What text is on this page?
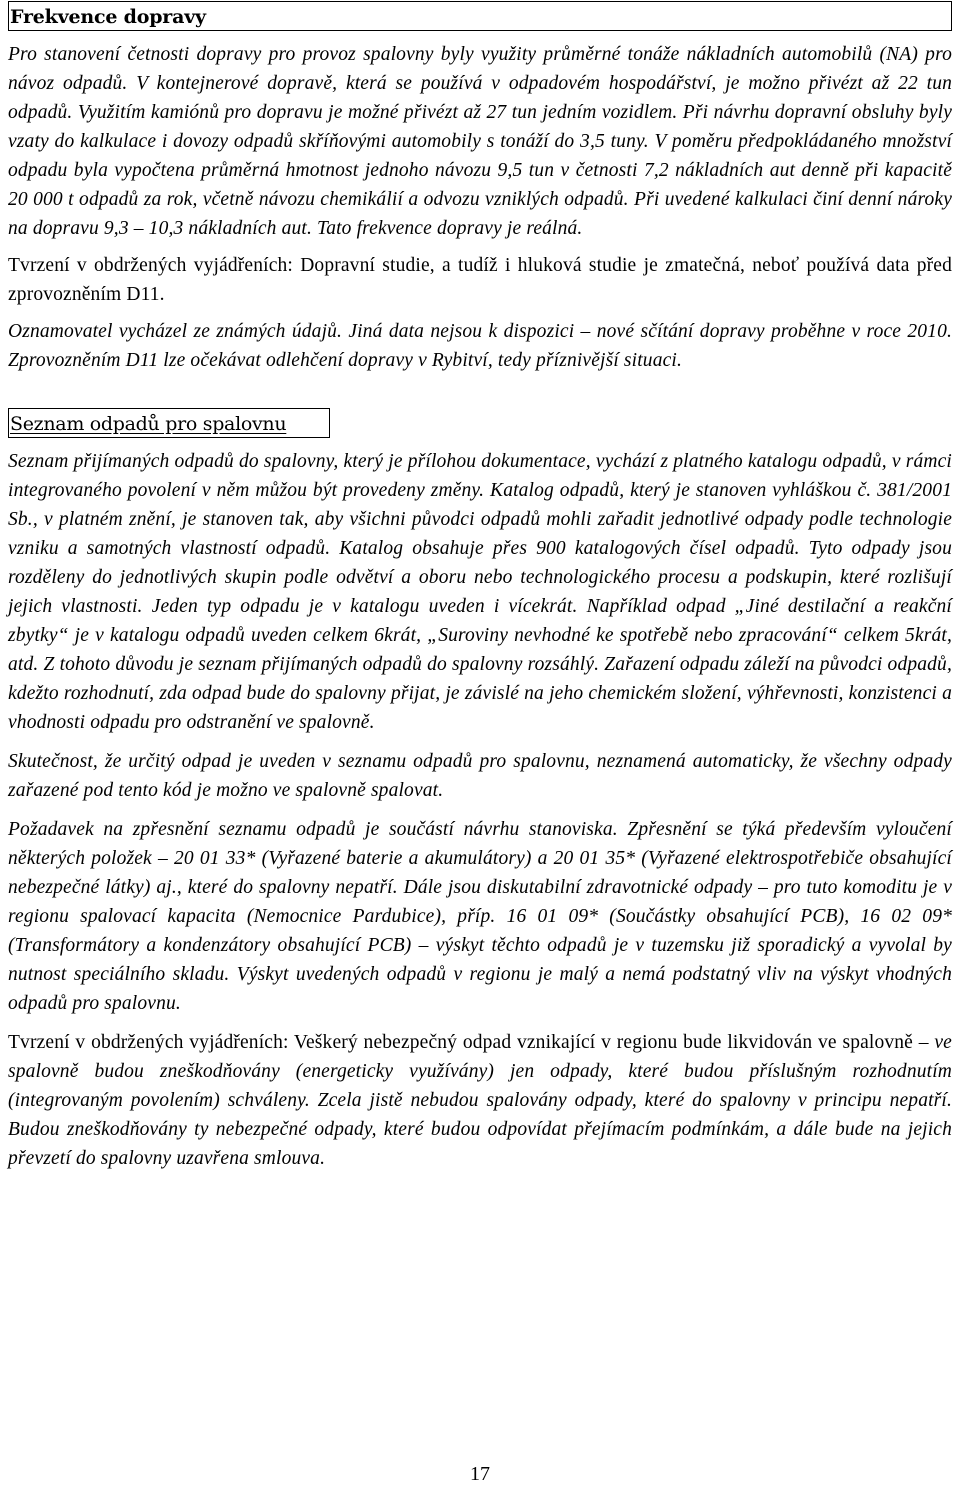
Frekvence dopravy

Pro stanovení četnosti dopravy pro provoz spalovny byly využity průměrné tonáže nákladních automobilů (NA) pro návoz odpadů. V kontejnerové dopravě, která se používá v odpadovém hospodářství, je možno přivézt až 22 tun odpadů. Využitím kamiónů pro dopravu je možné přivézt až 27 tun jedním vozidlem. Při návrhu dopravní obsluhy byly vzaty do kalkulace i dovozy odpadů skříňovými automobily s tonáží do 3,5 tuny. V poměru předpokládaného množství odpadu byla vypočtena průměrná hmotnost jednoho návozu 9,5 tun v četnosti 7,2 nákladních aut denně při kapacitě 20 000 t odpadů za rok, včetně návozu chemikálií a odvozu vzniklých odpadů. Při uvedené kalkulaci činí denní nároky na dopravu 9,3 – 10,3 nákladních aut. Tato frekvence dopravy je reálná.

Tvrzení v obdržených vyjádřeních: Dopravní studie, a tudíž i hluková studie je zmatečná, neboť používá data před zprovozněním D11.

Oznamovatel vycházel ze známých údajů. Jiná data nejsou k dispozici – nové sčítání dopravy proběhne v roce 2010. Zprovozněním D11 lze očekávat odlehčení dopravy v Rybitví, tedy příznivější situaci.

Seznam odpadů pro spalovnu

Seznam přijímaných odpadů do spalovny, který je přílohou dokumentace, vychází z platného katalogu odpadů, v rámci integrovaného povolení v něm můžou být provedeny změny. Katalog odpadů, který je stanoven vyhláškou č. 381/2001 Sb., v platném znění, je stanoven tak, aby všichni původci odpadů mohli zařadit jednotlivé odpady podle technologie vzniku a samotných vlastností odpadů. Katalog obsahuje přes 900 katalogových čísel odpadů. Tyto odpady jsou rozděleny do jednotlivých skupin podle odvětví a oboru nebo technologického procesu a podskupin, které rozlišují jejich vlastnosti. Jeden typ odpadu je v katalogu uveden i vícekrát. Například odpad „Jiné destilační a reakční zbytky“ je v katalogu odpadů uveden celkem 6krát, „Suroviny nevhodné ke spotřebě nebo zpracování“ celkem 5krát, atd. Z tohoto důvodu je seznam přijímaných odpadů do spalovny rozsáhlý. Zařazení odpadu záleží na původci odpadů, kdežto rozhodnutí, zda odpad bude do spalovny přijat, je závislé na jeho chemickém složení, výhřevnosti, konzistenci a vhodnosti odpadu pro odstranění ve spalovně.

Skutečnost, že určitý odpad je uveden v seznamu odpadů pro spalovnu, neznamená automaticky, že všechny odpady zařazené pod tento kód je možno ve spalovně spalovat.

Požadavek na zpřesnění seznamu odpadů je součástí návrhu stanoviska. Zpřesnění se týká především vyloučení některých položek – 20 01 33* (Vyřazené baterie a akumulátory) a 20 01 35* (Vyřazené elektrospotřebiče obsahující nebezpečné látky) aj., které do spalovny nepatří. Dále jsou diskutabilní zdravotnické odpady – pro tuto komoditu je v regionu spalovací kapacita (Nemocnice Pardubice), příp. 16 01 09* (Součástky obsahující PCB), 16 02 09* (Transformátory a kondenzátory obsahující PCB) – výskyt těchto odpadů je v tuzemsku již sporadický a vyvolal by nutnost speciálního skladu. Výskyt uvedených odpadů v regionu je malý a nemá podstatný vliv na výskyt vhodných odpadů pro spalovnu.

Tvrzení v obdržených vyjádřeních: Veškerý nebezpečný odpad vznikající v regionu bude likvidován ve spalovně – ve spalovně budou zneškodňovány (energeticky využívány) jen odpady, které budou příslušným rozhodnutím (integrovaným povolením) schváleny. Zcela jistě nebudou spalovány odpady, které do spalovny v principu nepatří. Budou zneškodňovány ty nebezpečné odpady, které budou odpovídat přejímacím podmínkám, a dále bude na jejich převzetí do spalovny uzavřena smlouva.

17
